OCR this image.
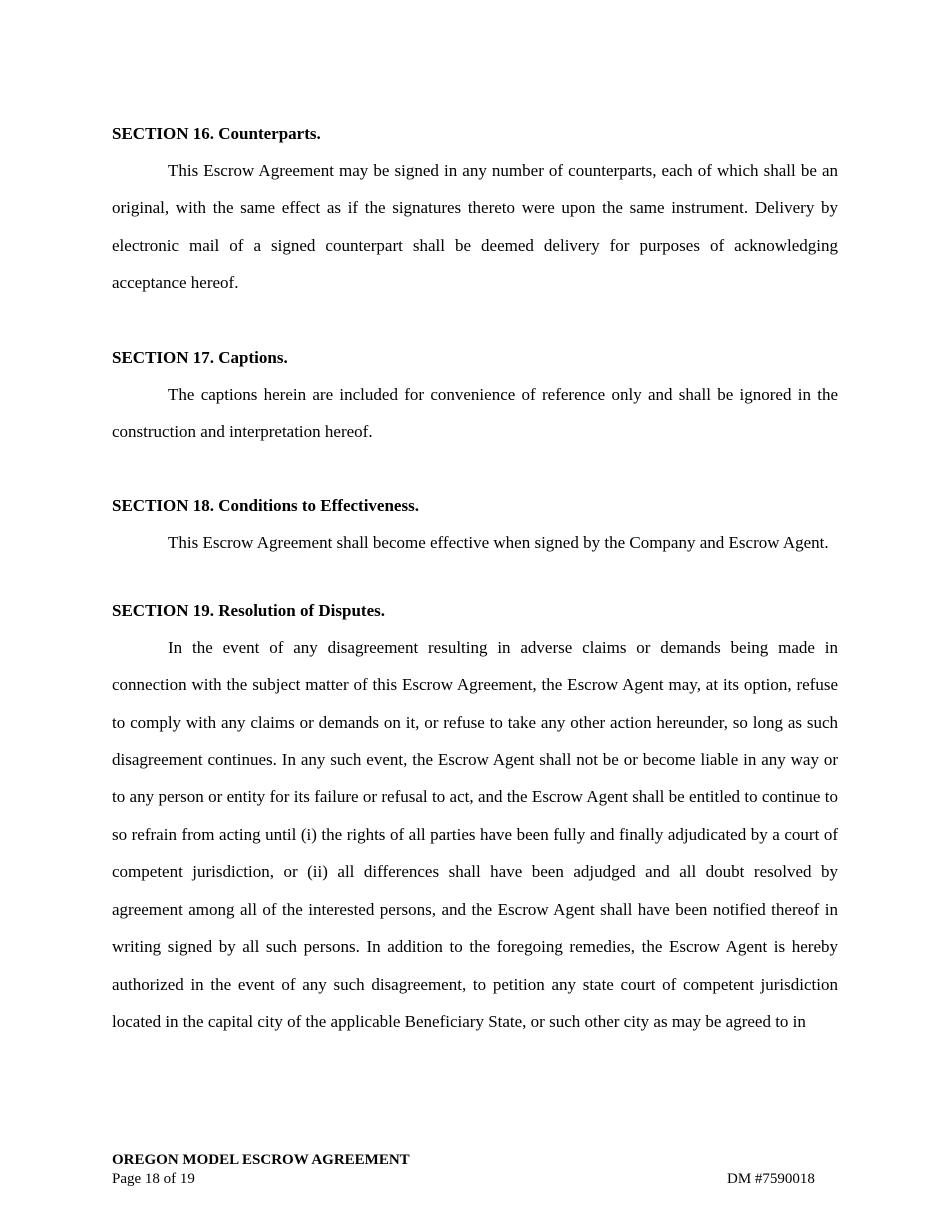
SECTION 16. Counterparts.

This Escrow Agreement may be signed in any number of counterparts, each of which shall be an original, with the same effect as if the signatures thereto were upon the same instrument. Delivery by electronic mail of a signed counterpart shall be deemed delivery for purposes of acknowledging acceptance hereof.

SECTION 17. Captions.

The captions herein are included for convenience of reference only and shall be ignored in the construction and interpretation hereof.

SECTION 18. Conditions to Effectiveness.

This Escrow Agreement shall become effective when signed by the Company and Escrow Agent.

SECTION 19. Resolution of Disputes.

In the event of any disagreement resulting in adverse claims or demands being made in connection with the subject matter of this Escrow Agreement, the Escrow Agent may, at its option, refuse to comply with any claims or demands on it, or refuse to take any other action hereunder, so long as such disagreement continues. In any such event, the Escrow Agent shall not be or become liable in any way or to any person or entity for its failure or refusal to act, and the Escrow Agent shall be entitled to continue to so refrain from acting until (i) the rights of all parties have been fully and finally adjudicated by a court of competent jurisdiction, or (ii) all differences shall have been adjudged and all doubt resolved by agreement among all of the interested persons, and the Escrow Agent shall have been notified thereof in writing signed by all such persons. In addition to the foregoing remedies, the Escrow Agent is hereby authorized in the event of any such disagreement, to petition any state court of competent jurisdiction located in the capital city of the applicable Beneficiary State, or such other city as may be agreed to in

OREGON MODEL ESCROW AGREEMENT
Page 18 of 19	DM #7590018
